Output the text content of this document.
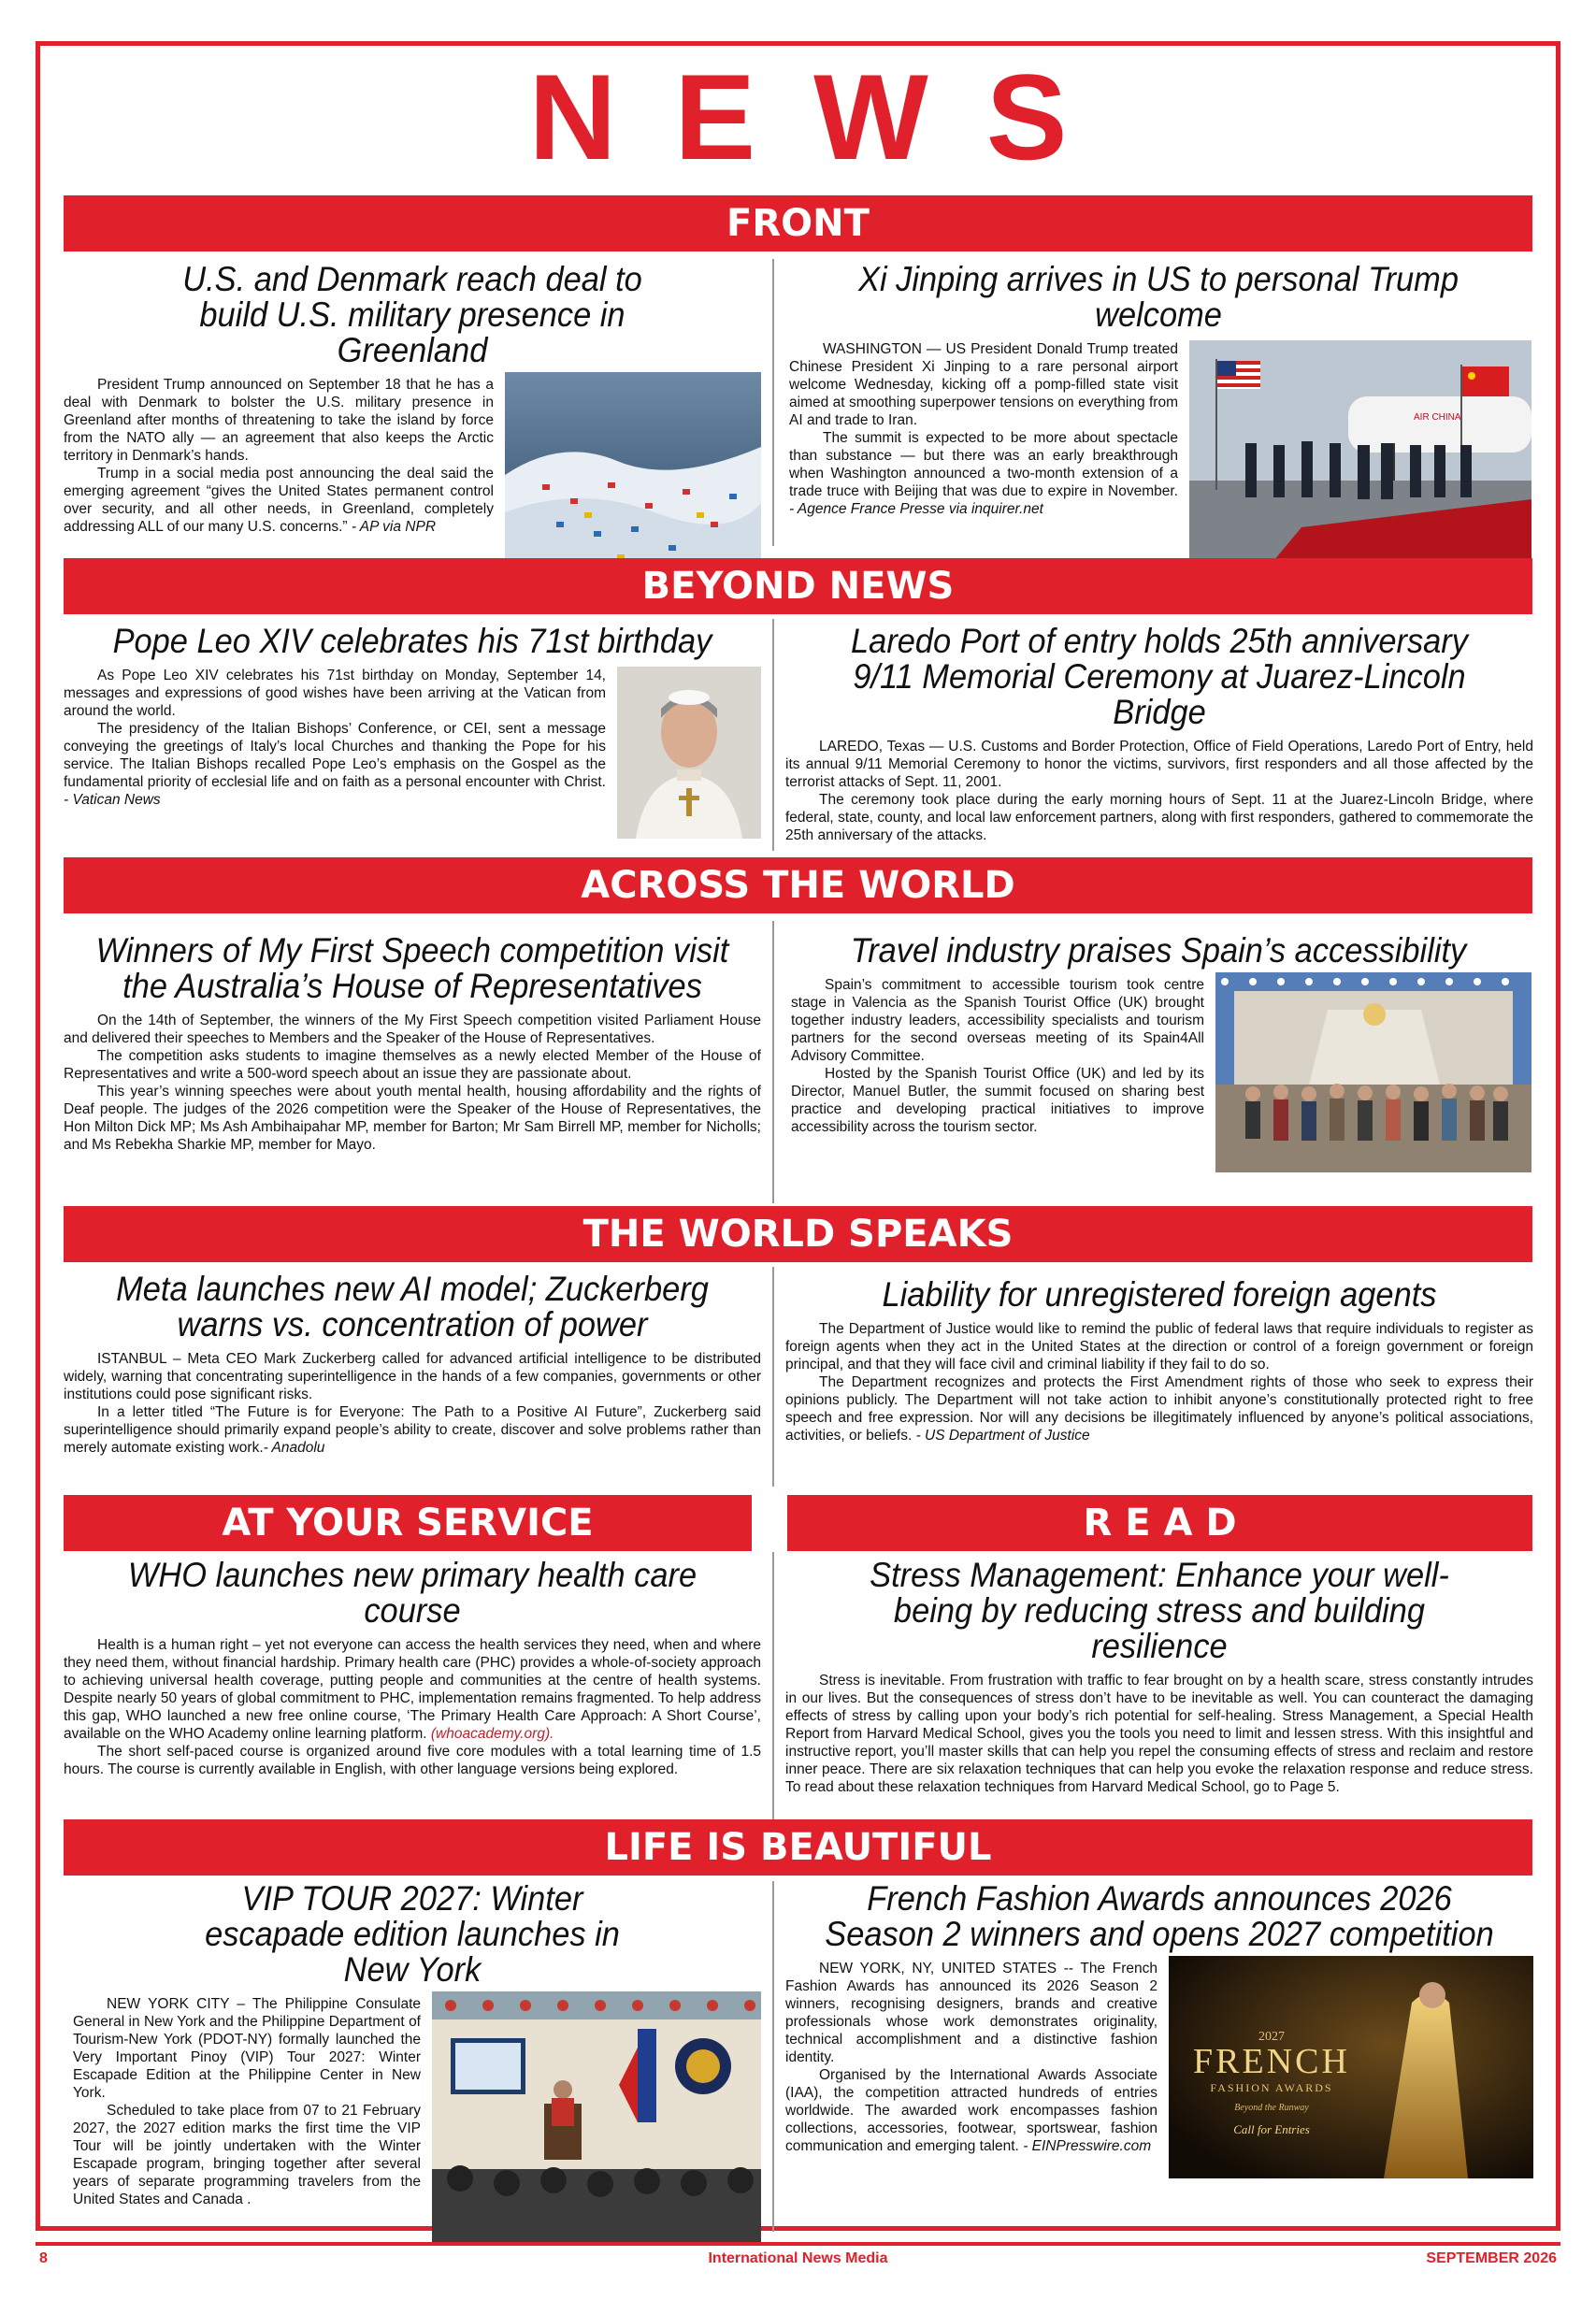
NEWS
FRONT
U.S. and Denmark reach deal to build U.S. military presence in Greenland

President Trump announced on September 18 that he has a deal with Denmark to bolster the U.S. military presence in Greenland after months of threatening to take the island by force from the NATO ally — an agreement that also keeps the Arctic territory in Denmark’s hands.

Trump in a social media post announcing the deal said the emerging agreement “gives the United States permanent control over security, and all other needs, in Greenland, completely addressing ALL of our many U.S. concerns.” - AP via NPR

Xi Jinping arrives in US to personal Trump welcome
AIR CHINA

WASHINGTON — US President Donald Trump treated Chinese President Xi Jinping to a rare personal airport welcome Wednesday, kicking off a pomp-filled state visit aimed at smoothing superpower tensions on everything from AI and trade to Iran.

The summit is expected to be more about spectacle than substance — but there was an early breakthrough when Washington announced a two-month extension of a trade truce with Beijing that was due to expire in November. - Agence France Presse via inquirer.net

BEYOND NEWS
Pope Leo XIV celebrates his 71st birthday

As Pope Leo XIV celebrates his 71st birthday on Monday, September 14, messages and expressions of good wishes have been arriving at the Vatican from around the world.

The presidency of the Italian Bishops’ Conference, or CEI, sent a message conveying the greetings of Italy’s local Churches and thanking the Pope for his service. The Italian Bishops recalled Pope Leo’s emphasis on the Gospel as the fundamental priority of ecclesial life and on faith as a personal encounter with Christ. - Vatican News

Laredo Port of entry holds 25th anniversary 9/11 Memorial Ceremony at Juarez-Lincoln Bridge

LAREDO, Texas — U.S. Customs and Border Protection, Office of Field Operations, Laredo Port of Entry, held its annual 9/11 Memorial Ceremony to honor the victims, survivors, first responders and all those affected by the terrorist attacks of Sept. 11, 2001.

The ceremony took place during the early morning hours of Sept. 11 at the Juarez-Lincoln Bridge, where federal, state, county, and local law enforcement partners, along with first responders, gathered to commemorate the 25th anniversary of the attacks.

ACROSS THE WORLD
Winners of My First Speech competition visit the Australia’s House of Representatives

On the 14th of September, the winners of the My First Speech competition visited Parliament House and delivered their speeches to Members and the Speaker of the House of Representatives.

The competition asks students to imagine themselves as a newly elected Member of the House of Representatives and write a 500-word speech about an issue they are passionate about.

This year’s winning speeches were about youth mental health, housing affordability and the rights of Deaf people. The judges of the 2026 competition were the Speaker of the House of Representatives, the Hon Milton Dick MP; Ms Ash Ambihaipahar MP, member for Barton; Mr Sam Birrell MP, member for Nicholls; and Ms Rebekha Sharkie MP, member for Mayo.

Travel industry praises Spain’s accessibility

Spain’s commitment to accessible tourism took centre stage in Valencia as the Spanish Tourist Office (UK) brought together industry leaders, accessibility specialists and tourism partners for the second overseas meeting of its Spain4All Advisory Committee.

Hosted by the Spanish Tourist Office (UK) and led by its Director, Manuel Butler, the summit focused on sharing best practice and developing practical initiatives to improve accessibility across the tourism sector.

THE WORLD SPEAKS
Meta launches new AI model; Zuckerberg warns vs. concentration of power

ISTANBUL – Meta CEO Mark Zuckerberg called for advanced artificial intelligence to be distributed widely, warning that concentrating superintelligence in the hands of a few companies, governments or other institutions could pose significant risks.

In a letter titled “The Future is for Everyone: The Path to a Positive AI Future”, Zuckerberg said superintelligence should primarily expand people’s ability to create, discover and solve problems rather than merely automate existing work.- Anadolu

Liability for unregistered foreign agents

The Department of Justice would like to remind the public of federal laws that require individuals to register as foreign agents when they act in the United States at the direction or control of a foreign government or foreign principal, and that they will face civil and criminal liability if they fail to do so.

The Department recognizes and protects the First Amendment rights of those who seek to express their opinions publicly. The Department will not take action to inhibit anyone’s constitutionally protected right to free speech and free expression. Nor will any decisions be illegitimately influenced by anyone’s political associations, activities, or beliefs. - US Department of Justice

AT YOUR SERVICE	R E A D
WHO launches new primary health care course

Health is a human right – yet not everyone can access the health services they need, when and where they need them, without financial hardship. Primary health care (PHC) provides a whole-of-society approach to achieving universal health coverage, putting people and communities at the centre of health systems. Despite nearly 50 years of global commitment to PHC, implementation remains fragmented. To help address this gap, WHO launched a new free online course, ‘The Primary Health Care Approach: A Short Course’, available on the WHO Academy online learning platform. (whoacademy.org).

The short self-paced course is organized around five core modules with a total learning time of 1.5 hours. The course is currently available in English, with other language versions being explored.

Stress Management: Enhance your well-being by reducing stress and building resilience

Stress is inevitable. From frustration with traffic to fear brought on by a health scare, stress constantly intrudes in our lives. But the consequences of stress don’t have to be inevitable as well. You can counteract the damaging effects of stress by calling upon your body’s rich potential for self-healing. Stress Management, a Special Health Report from Harvard Medical School, gives you the tools you need to limit and lessen stress. With this insightful and instructive report, you’ll master skills that can help you repel the consuming effects of stress and reclaim and restore inner peace. There are six relaxation techniques that can help you evoke the relaxation response and reduce stress. To read about these relaxation techniques from Harvard Medical School, go to Page 5.

LIFE IS BEAUTIFUL
VIP TOUR 2027: Winter escapade edition launches in New York

NEW YORK CITY – The Philippine Consulate General in New York and the Philippine Department of Tourism-New York (PDOT-NY) formally launched the Very Important Pinoy (VIP) Tour 2027: Winter Escapade Edition at the Philippine Center in New York.

Scheduled to take place from 07 to 21 February 2027, the 2027 edition marks the first time the VIP Tour will be jointly undertaken with the Winter Escapade program, bringing together after several years of separate programming travelers from the United States and Canada .

French Fashion Awards announces 2026 Season 2 winners and opens 2027 competition
2027
FRENCH
FASHION AWARDS
Beyond the Runway
Call for Entries

NEW YORK, NY, UNITED STATES -- The French Fashion Awards has announced its 2026 Season 2 winners, recognising designers, brands and creative professionals whose work demonstrates originality, technical accomplishment and a distinctive fashion identity.

Organised by the International Awards Associate (IAA), the competition attracted hundreds of entries worldwide. The awarded work encompasses fashion collections, accessories, footwear, sportswear, fashion communication and emerging talent. - EINPresswire.com

8	International News Media	SEPTEMBER 2026
